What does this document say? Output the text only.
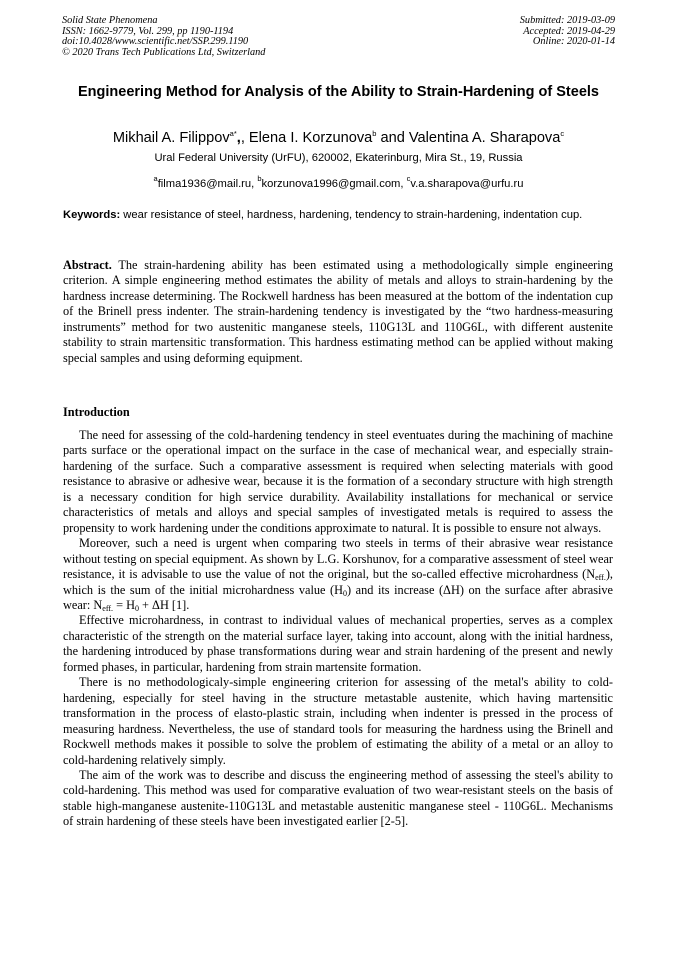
Solid State Phenomena
ISSN: 1662-9779, Vol. 299, pp 1190-1194
doi:10.4028/www.scientific.net/SSP.299.1190
© 2020 Trans Tech Publications Ltd, Switzerland
Submitted: 2019-03-09
Accepted: 2019-04-29
Online: 2020-01-14
Engineering Method for Analysis of the Ability to Strain-Hardening of Steels
Mikhail A. Filippov$^{a*}$,, Elena I. Korzunova$^b$ and Valentina A. Sharapova$^c$
Ural Federal University (UrFU), 620002, Ekaterinburg, Mira St., 19, Russia
$^a$filma1936@mail.ru, $^b$korzunova1996@gmail.com, $^c$v.a.sharapova@urfu.ru
Keywords: wear resistance of steel, hardness, hardening, tendency to strain-hardening, indentation cup.
Abstract. The strain-hardening ability has been estimated using a methodologically simple engineering criterion. A simple engineering method estimates the ability of metals and alloys to strain-hardening by the hardness increase determining. The Rockwell hardness has been measured at the bottom of the indentation cup of the Brinell press indenter. The strain-hardening tendency is investigated by the “two hardness-measuring instruments” method for two austenitic manganese steels, 110G13L and 110G6L, with different austenite stability to strain martensitic transformation. This hardness estimating method can be applied without making special samples and using deforming equipment.
Introduction

The need for assessing of the cold-hardening tendency in steel eventuates during the machining of machine parts surface or the operational impact on the surface in the case of mechanical wear, and especially strain-hardening of the surface. Such a comparative assessment is required when selecting materials with good resistance to abrasive or adhesive wear, because it is the formation of a secondary structure with high strength is a necessary condition for high service durability. Availability installations for mechanical or service characteristics of metals and alloys and special samples of investigated metals is required to assess the propensity to work hardening under the conditions approximate to natural. It is possible to ensure not always.

Moreover, such a need is urgent when comparing two steels in terms of their abrasive wear resistance without testing on special equipment. As shown by L.G. Korshunov, for a comparative assessment of steel wear resistance, it is advisable to use the value of not the original, but the so-called effective microhardness $(N_{eff.})$, which is the sum of the initial microhardness value $(H_0)$ and its increase (ΔH) on the surface after abrasive wear: $N_{eff.} = H_0 + \Delta H$ [1].

Effective microhardness, in contrast to individual values of mechanical properties, serves as a complex characteristic of the strength on the material surface layer, taking into account, along with the initial hardness, the hardening introduced by phase transformations during wear and strain hardening of the present and newly formed phases, in particular, hardening from strain martensite formation.

There is no methodologicaly-simple engineering criterion for assessing of the metal's ability to cold-hardening, especially for steel having in the structure metastable austenite, which having martensitic transformation in the process of elasto-plastic strain, including when indenter is pressed in the process of measuring hardness. Nevertheless, the use of standard tools for measuring the hardness using the Brinell and Rockwell methods makes it possible to solve the problem of estimating the ability of a metal or an alloy to cold-hardening relatively simply.

The aim of the work was to describe and discuss the engineering method of assessing the steel's ability to cold-hardening. This method was used for comparative evaluation of two wear-resistant steels on the basis of stable high-manganese austenite-110G13L and metastable austenitic manganese steel - 110G6L. Mechanisms of strain hardening of these steels have been investigated earlier [2-5].
